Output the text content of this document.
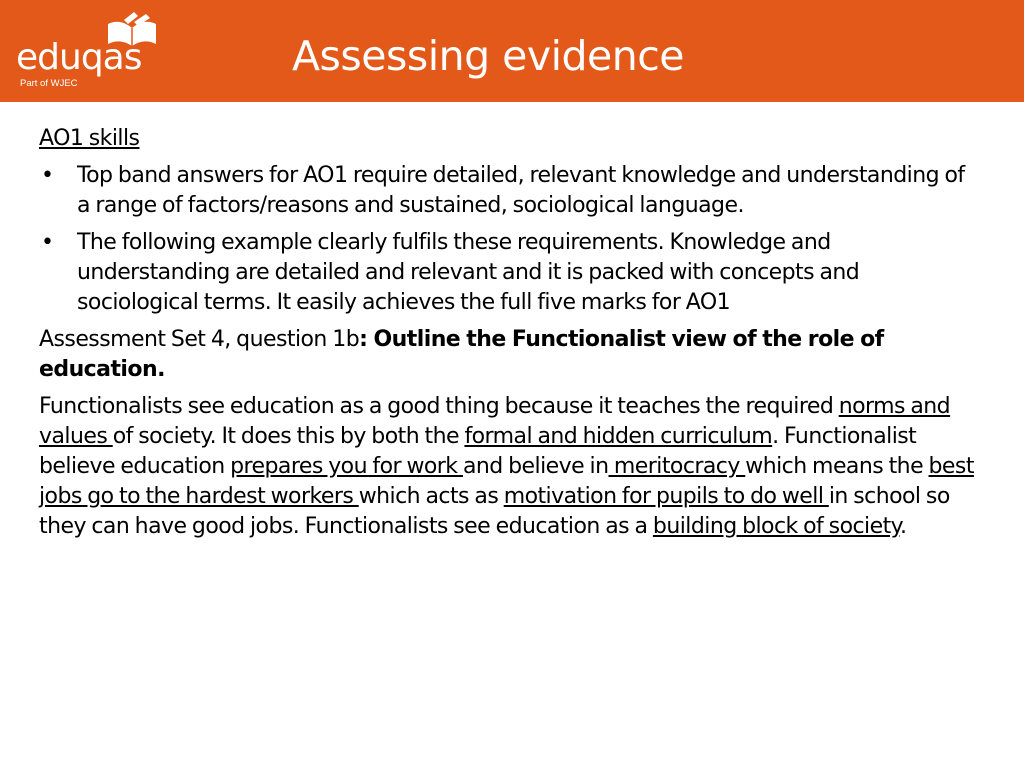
eduqas
Part of WJEC
Assessing evidence

AO1 skills

• Top band answers for AO1 require detailed, relevant knowledge and understanding of a range of factors/reasons and sustained, sociological language.
• The following example clearly fulfils these requirements. Knowledge and understanding are detailed and relevant and it is packed with concepts and sociological terms. It easily achieves the full five marks for AO1

Assessment Set 4, question 1b: Outline the Functionalist view of the role of education.

Functionalists see education as a good thing because it teaches the required norms and values of society. It does this by both the formal and hidden curriculum. Functionalist believe education prepares you for work and believe in meritocracy which means the best jobs go to the hardest workers which acts as motivation for pupils to do well in school so they can have good jobs. Functionalists see education as a building block of society.
